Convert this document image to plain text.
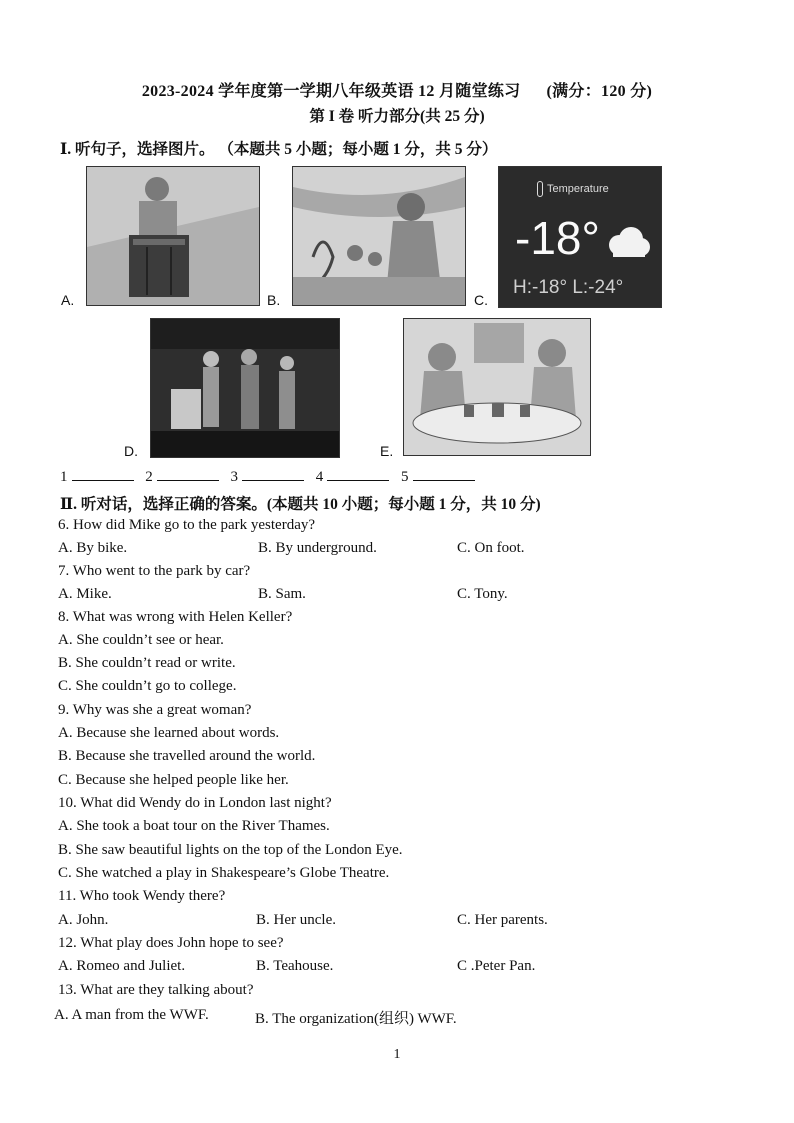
2023-2024 学年度第一学期八年级英语 12 月随堂练习 (满分：120 分)
第 I 卷 听力部分(共 25 分)
Ⅰ. 听句子，选择图片。 （本题共 5 小题；每小题 1 分，共 5 分）
A.	B.	C.
Temperature
-18°
H:-18° L:-24°
D.	E.
1	2	3	4	5
Ⅱ. 听对话，选择正确的答案。(本题共 10 小题；每小题 1 分，共 10 分)
6. How did Mike go to the park yesterday?
A. By bike.	B. By underground.	C. On foot.
7. Who went to the park by car?
A. Mike.	B. Sam.	C. Tony.
8. What was wrong with Helen Keller?
A. She couldn’t see or hear.
B. She couldn’t read or write.
C. She couldn’t go to college.
9. Why was she a great woman?
A. Because she learned about words.
B. Because she travelled around the world.
C. Because she helped people like her.
10. What did Wendy do in London last night?
A. She took a boat tour on the River Thames.
B. She saw beautiful lights on the top of the London Eye.
C. She watched a play in Shakespeare’s Globe Theatre.
11. Who took Wendy there?
A. John.	B. Her uncle.	C. Her parents.
12. What play does John hope to see?
A. Romeo and Juliet.	B. Teahouse.	C .Peter Pan.
13. What are they talking about?
A. A man from the WWF.	B. The organization(组织) WWF.
1
